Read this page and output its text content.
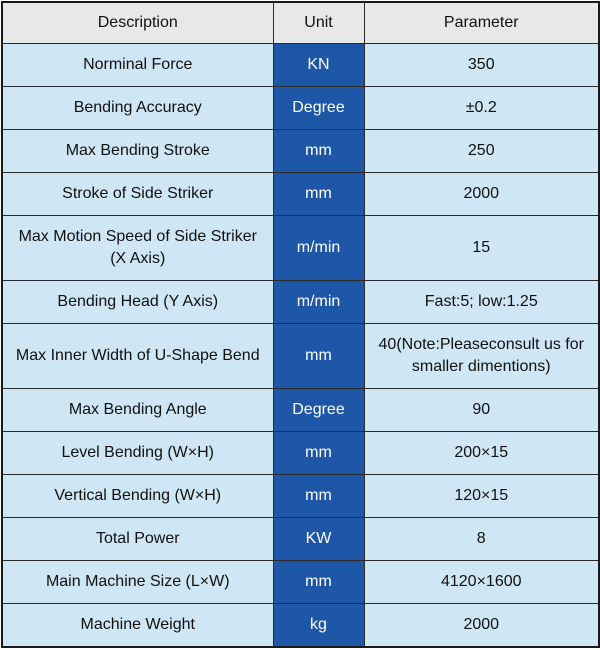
Description	Unit	Parameter
Norminal Force	KN	350
Bending Accuracy	Degree	±0.2
Max Bending Stroke	mm	250
Stroke of Side Striker	mm	2000
Max Motion Speed of Side Striker (X Axis)	m/min	15
Bending Head (Y Axis)	m/min	Fast:5; low:1.25
Max Inner Width of U-Shape Bend	mm	40(Note:Pleaseconsult us for smaller dimentions)
Max Bending Angle	Degree	90
Level Bending (W×H)	mm	200×15
Vertical Bending (W×H)	mm	120×15
Total Power	KW	8
Main Machine Size (L×W)	mm	4120×1600
Machine Weight	kg	2000
